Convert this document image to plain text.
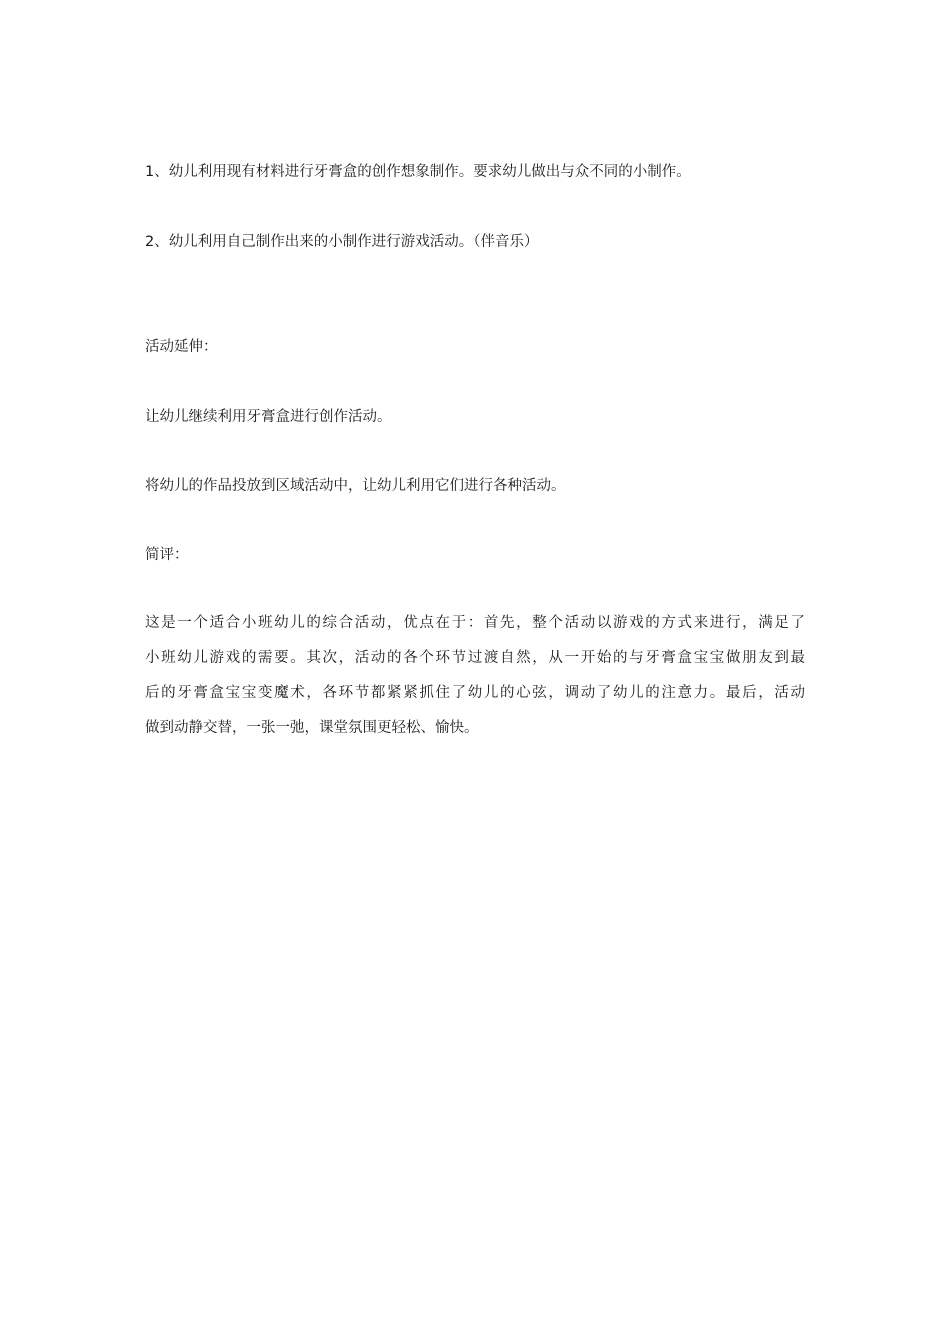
1、幼儿利用现有材料进行牙膏盒的创作想象制作。要求幼儿做出与众不同的小制作。

2、幼儿利用自己制作出来的小制作进行游戏活动。（伴音乐）

活动延伸：

让幼儿继续利用牙膏盒进行创作活动。

将幼儿的作品投放到区域活动中，让幼儿利用它们进行各种活动。

简评：

这是一个适合小班幼儿的综合活动，优点在于：首先，整个活动以游戏的方式来进行，满足了
小班幼儿游戏的需要。其次，活动的各个环节过渡自然，从一开始的与牙膏盒宝宝做朋友到最
后的牙膏盒宝宝变魔术，各环节都紧紧抓住了幼儿的心弦，调动了幼儿的注意力。最后，活动
做到动静交替，一张一弛，课堂氛围更轻松、愉快。
